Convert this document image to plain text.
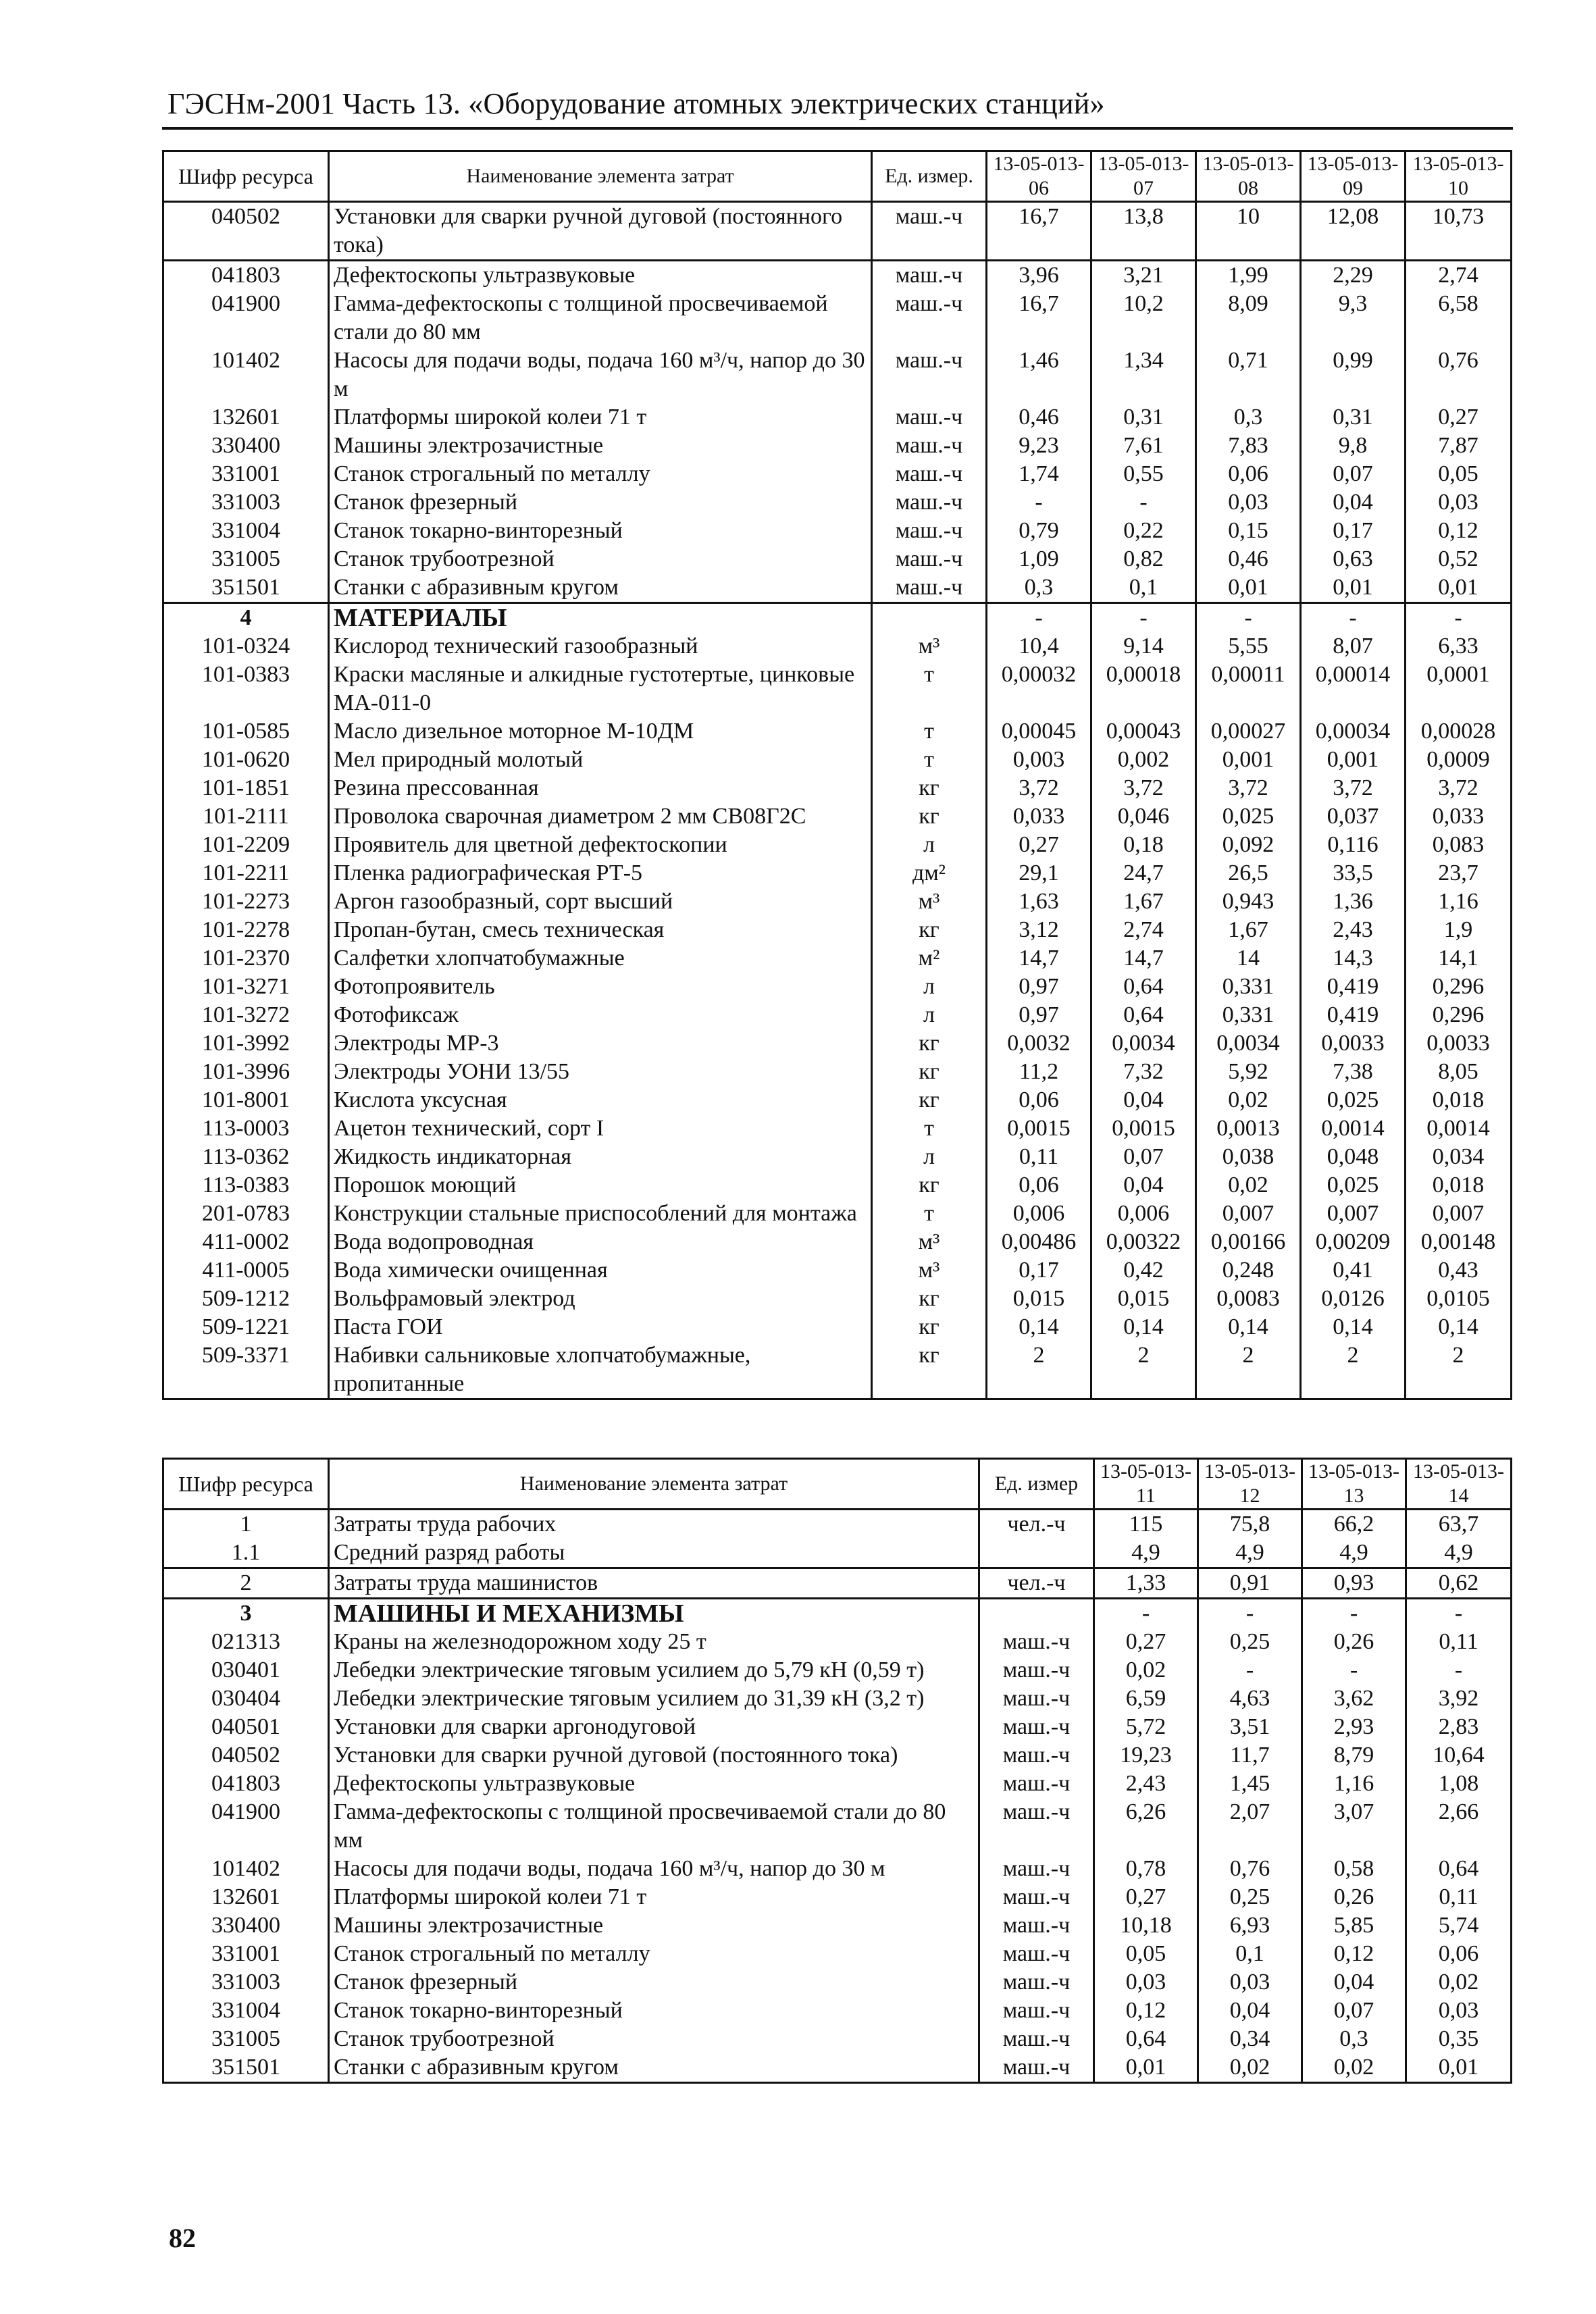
ГЭСНм-2001 Часть 13. «Оборудование атомных электрических станций»
Шифр ресурса	Наименование элемента затрат	Ед. измер.	13-05-013-06	13-05-013-07	13-05-013-08	13-05-013-09	13-05-013-10
040502	Установки для сварки ручной дуговой (постоянного тока)	маш.-ч	16,7	13,8	10	12,08	10,73
041803	Дефектоскопы ультразвуковые	маш.-ч	3,96	3,21	1,99	2,29	2,74
041900	Гамма-дефектоскопы с толщиной просвечиваемой стали до 80 мм	маш.-ч	16,7	10,2	8,09	9,3	6,58
101402	Насосы для подачи воды, подача 160 м³/ч, напор до 30 м	маш.-ч	1,46	1,34	0,71	0,99	0,76
132601	Платформы широкой колеи 71 т	маш.-ч	0,46	0,31	0,3	0,31	0,27
330400	Машины электрозачистные	маш.-ч	9,23	7,61	7,83	9,8	7,87
331001	Станок строгальный по металлу	маш.-ч	1,74	0,55	0,06	0,07	0,05
331003	Станок фрезерный	маш.-ч	-	-	0,03	0,04	0,03
331004	Станок токарно-винторезный	маш.-ч	0,79	0,22	0,15	0,17	0,12
331005	Станок трубоотрезной	маш.-ч	1,09	0,82	0,46	0,63	0,52
351501	Станки с абразивным кругом	маш.-ч	0,3	0,1	0,01	0,01	0,01
4	МАТЕРИАЛЫ		-	-	-	-	-
101-0324	Кислород технический газообразный	м³	10,4	9,14	5,55	8,07	6,33
101-0383	Краски масляные и алкидные густотертые, цинковые МА-011-0	т	0,00032	0,00018	0,00011	0,00014	0,0001
101-0585	Масло дизельное моторное М-10ДМ	т	0,00045	0,00043	0,00027	0,00034	0,00028
101-0620	Мел природный молотый	т	0,003	0,002	0,001	0,001	0,0009
101-1851	Резина прессованная	кг	3,72	3,72	3,72	3,72	3,72
101-2111	Проволока сварочная диаметром 2 мм СВ08Г2С	кг	0,033	0,046	0,025	0,037	0,033
101-2209	Проявитель для цветной дефектоскопии	л	0,27	0,18	0,092	0,116	0,083
101-2211	Пленка радиографическая РТ-5	дм²	29,1	24,7	26,5	33,5	23,7
101-2273	Аргон газообразный, сорт высший	м³	1,63	1,67	0,943	1,36	1,16
101-2278	Пропан-бутан, смесь техническая	кг	3,12	2,74	1,67	2,43	1,9
101-2370	Салфетки хлопчатобумажные	м²	14,7	14,7	14	14,3	14,1
101-3271	Фотопроявитель	л	0,97	0,64	0,331	0,419	0,296
101-3272	Фотофиксаж	л	0,97	0,64	0,331	0,419	0,296
101-3992	Электроды МР-3	кг	0,0032	0,0034	0,0034	0,0033	0,0033
101-3996	Электроды УОНИ 13/55	кг	11,2	7,32	5,92	7,38	8,05
101-8001	Кислота уксусная	кг	0,06	0,04	0,02	0,025	0,018
113-0003	Ацетон технический, сорт I	т	0,0015	0,0015	0,0013	0,0014	0,0014
113-0362	Жидкость индикаторная	л	0,11	0,07	0,038	0,048	0,034
113-0383	Порошок моющий	кг	0,06	0,04	0,02	0,025	0,018
201-0783	Конструкции стальные приспособлений для монтажа	т	0,006	0,006	0,007	0,007	0,007
411-0002	Вода водопроводная	м³	0,00486	0,00322	0,00166	0,00209	0,00148
411-0005	Вода химически очищенная	м³	0,17	0,42	0,248	0,41	0,43
509-1212	Вольфрамовый электрод	кг	0,015	0,015	0,0083	0,0126	0,0105
509-1221	Паста ГОИ	кг	0,14	0,14	0,14	0,14	0,14
509-3371	Набивки сальниковые хлопчатобумажные, пропитанные	кг	2	2	2	2	2
Шифр ресурса	Наименование элемента затрат	Ед. измер	13-05-013-11	13-05-013-12	13-05-013-13	13-05-013-14
1	Затраты труда рабочих	чел.-ч	115	75,8	66,2	63,7
1.1	Средний разряд работы		4,9	4,9	4,9	4,9
2	Затраты труда машинистов	чел.-ч	1,33	0,91	0,93	0,62
3	МАШИНЫ И МЕХАНИЗМЫ		-	-	-	-
021313	Краны на железнодорожном ходу 25 т	маш.-ч	0,27	0,25	0,26	0,11
030401	Лебедки электрические тяговым усилием до 5,79 кН (0,59 т)	маш.-ч	0,02	-	-	-
030404	Лебедки электрические тяговым усилием до 31,39 кН (3,2 т)	маш.-ч	6,59	4,63	3,62	3,92
040501	Установки для сварки аргонодуговой	маш.-ч	5,72	3,51	2,93	2,83
040502	Установки для сварки ручной дуговой (постоянного тока)	маш.-ч	19,23	11,7	8,79	10,64
041803	Дефектоскопы ультразвуковые	маш.-ч	2,43	1,45	1,16	1,08
041900	Гамма-дефектоскопы с толщиной просвечиваемой стали до 80 мм	маш.-ч	6,26	2,07	3,07	2,66
101402	Насосы для подачи воды, подача 160 м³/ч, напор до 30 м	маш.-ч	0,78	0,76	0,58	0,64
132601	Платформы широкой колеи 71 т	маш.-ч	0,27	0,25	0,26	0,11
330400	Машины электрозачистные	маш.-ч	10,18	6,93	5,85	5,74
331001	Станок строгальный по металлу	маш.-ч	0,05	0,1	0,12	0,06
331003	Станок фрезерный	маш.-ч	0,03	0,03	0,04	0,02
331004	Станок токарно-винторезный	маш.-ч	0,12	0,04	0,07	0,03
331005	Станок трубоотрезной	маш.-ч	0,64	0,34	0,3	0,35
351501	Станки с абразивным кругом	маш.-ч	0,01	0,02	0,02	0,01
82
